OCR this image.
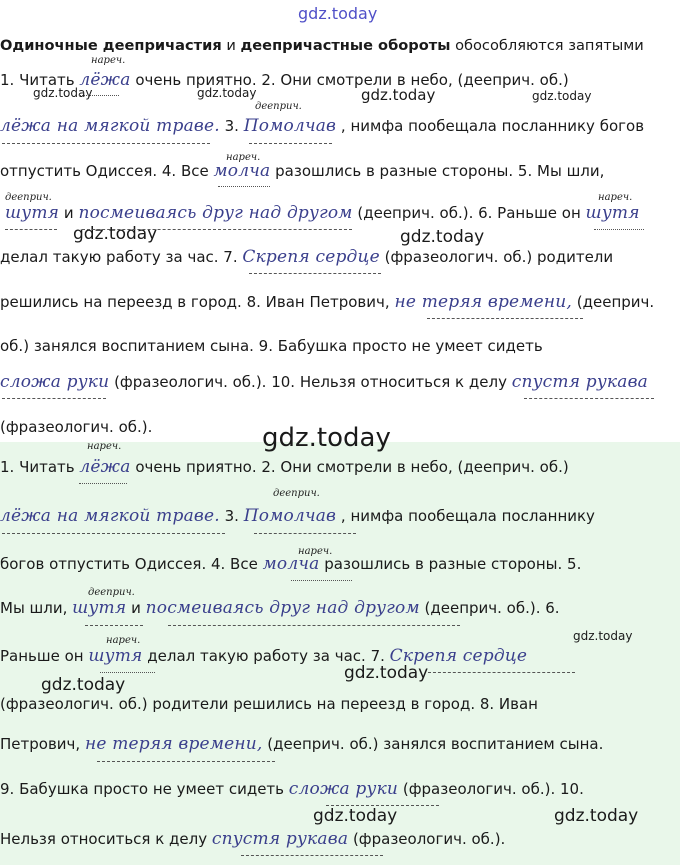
gdz.today
gdz.today	gdz.today	gdz.today	gdz.today
gdz.today	gdz.today
gdz.today
gdz.today
gdz.today
gdz.today
gdz.today	gdz.today
Одиночные деепричастия и деепричастные обороты обособляются запятыми
нареч.
1. Читать лёжа очень приятно. 2. Они смотрели в небо, (дееприч. об.)
дееприч.
лёжа на мягкой траве. 3. Помолчав , нимфа пообещала посланнику богов
нареч.
отпустить Одиссея. 4. Все молча разошлись в разные стороны. 5. Мы шли,
дееприч.	нареч.
шутя и посмеиваясь друг над другом (дееприч. об.). 6. Раньше он шутя
делал такую работу за час. 7. Скрепя сердце (фразеологич. об.) родители
решились на переезд в город. 8. Иван Петрович, не теряя времени, (дееприч.
об.) занялся воспитанием сына. 9. Бабушка просто не умеет сидеть
сложа руки (фразеологич. об.). 10. Нельзя относиться к делу спустя рукава
(фразеологич. об.).
нареч.
1. Читать лёжа очень приятно. 2. Они смотрели в небо, (дееприч. об.)
дееприч.
лёжа на мягкой траве. 3. Помолчав , нимфа пообещала посланнику
нареч.
богов отпустить Одиссея. 4. Все молча разошлись в разные стороны. 5.
дееприч.
Мы шли, шутя и посмеиваясь друг над другом (дееприч. об.). 6.
нареч.
Раньше он шутя делал такую работу за час. 7. Скрепя сердце
(фразеологич. об.) родители решились на переезд в город. 8. Иван
Петрович, не теряя времени, (дееприч. об.) занялся воспитанием сына.
9. Бабушка просто не умеет сидеть сложа руки (фразеологич. об.). 10.
Нельзя относиться к делу спустя рукава (фразеологич. об.).
